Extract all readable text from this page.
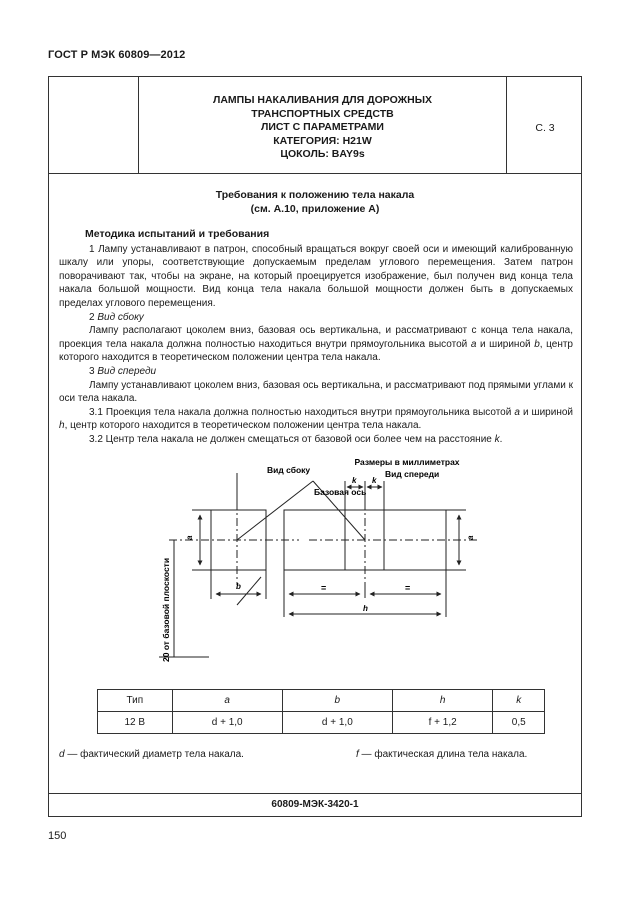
ГОСТ Р МЭК 60809—2012
ЛАМПЫ НАКАЛИВАНИЯ ДЛЯ ДОРОЖНЫХ
ТРАНСПОРТНЫХ СРЕДСТВ
ЛИСТ С ПАРАМЕТРАМИ
КАТЕГОРИЯ: H21W
ЦОКОЛЬ: BAY9s
С. 3
Требования к положению тела накала
(см. А.10, приложение А)

Методика испытаний и требования

1 Лампу устанавливают в патрон, способный вращаться вокруг своей оси и имеющий калиброванную шкалу или упоры, соответствующие допускаемым пределам углового перемещения. Затем патрон поворачивают так, чтобы на экране, на который проецируется изображение, был получен вид конца тела накала большой мощности. Вид конца тела накала большой мощности должен быть в допускаемых пределах углового перемещения.

2 Вид сбоку

Лампу располагают цоколем вниз, базовая ось вертикальна, и рассматривают с конца тела накала, проекция тела накала должна полностью находиться внутри прямоугольника высотой a и шириной b, центр которого находится в теоретическом положении центра тела накала.

3 Вид спереди

Лампу устанавливают цоколем вниз, базовая ось вертикальна, и рассматривают под прямыми углами к оси тела накала.

3.1 Проекция тела накала должна полностью находиться внутри прямоугольника высотой a и шириной h, центр которого находится в теоретическом положении центра тела накала.

3.2 Центр тела накала не должен смещаться от базовой оси более чем на расстояние k.

Размеры в миллиметрах
Вид сбоку	Вид спереди
Базовая ось
a	a
b	=	=
h
k k
20 от базовой плоскости
Тип	a	b	h	k
12 В	d + 1,0	d + 1,0	f + 1,2	0,5
d — фактический диаметр тела накала.	f — фактическая длина тела накала.
60809-МЭК-3420-1
150
